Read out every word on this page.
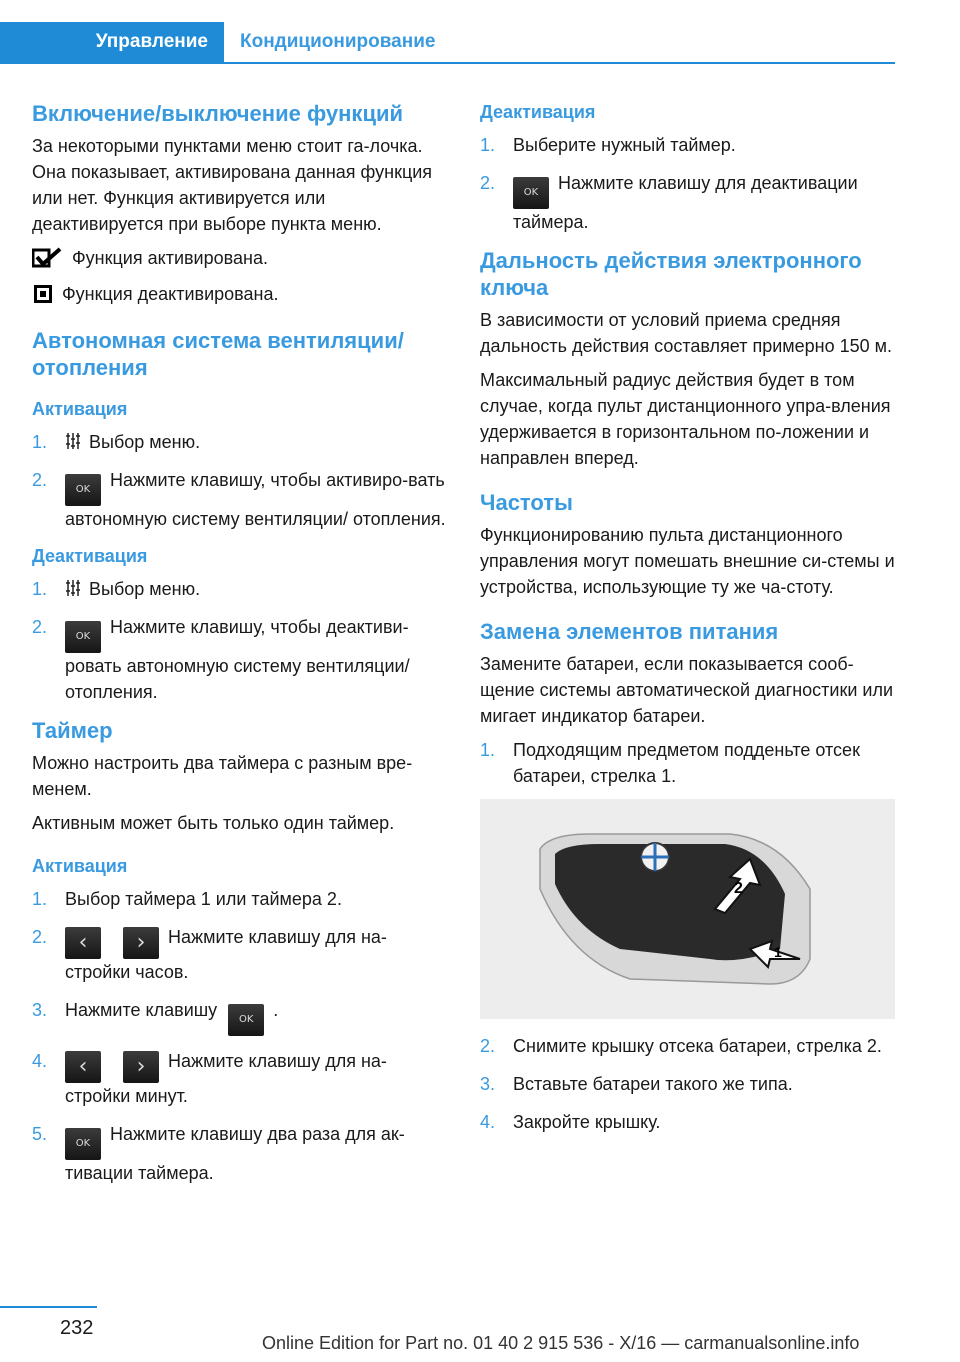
Управление	Кондиционирование
Включение/выключение функций

За некоторыми пунктами меню стоит га-лочка. Она показывает, активирована данная функция или нет. Функция активируется или деактивируется при выборе пункта меню.

Функция активирована.
Функция деактивирована.
Автономная система вентиляции/ отопления
Активация
1. Выбор меню.
2.	OK Нажмите клавишу, чтобы активиро-вать автономную систему вентиляции/ отопления.
Деактивация
1. Выбор меню.
2.	OK Нажмите клавишу, чтобы деактиви-ровать автономную систему вентиляции/ отопления.
Таймер

Можно настроить два таймера с разным вре-менем.

Активным может быть только один таймер.

Активация
1. Выбор таймера 1 или таймера 2.
2. ‹ › Нажмите клавишу для на-стройки часов.
3. Нажмите клавишу OK .
4. ‹ › Нажмите клавишу для на-стройки минут.
5.	OK Нажмите клавишу два раза для ак-тивации таймера.
Деактивация
1. Выберите нужный таймер.
2.	OK Нажмите клавишу для деактивации таймера.
Дальность действия электронного ключа

В зависимости от условий приема средняя дальность действия составляет примерно 150 м.

Максимальный радиус действия будет в том случае, когда пульт дистанционного упра-вления удерживается в горизонтальном по-ложении и направлен вперед.

Частоты

Функционированию пульта дистанционного управления могут помешать внешние си-стемы и устройства, использующие ту же ча-стоту.

Замена элементов питания

Замените батареи, если показывается сооб-щение системы автоматической диагностики или мигает индикатор батареи.

1. Подходящим предметом подденьте отсек батареи, стрелка 1.
2
1
2. Снимите крышку отсека батареи, стрелка 2.
3. Вставьте батареи такого же типа.
4. Закройте крышку.
232
Online Edition for Part no. 01 40 2 915 536 - X/16 — carmanualsonline.info
